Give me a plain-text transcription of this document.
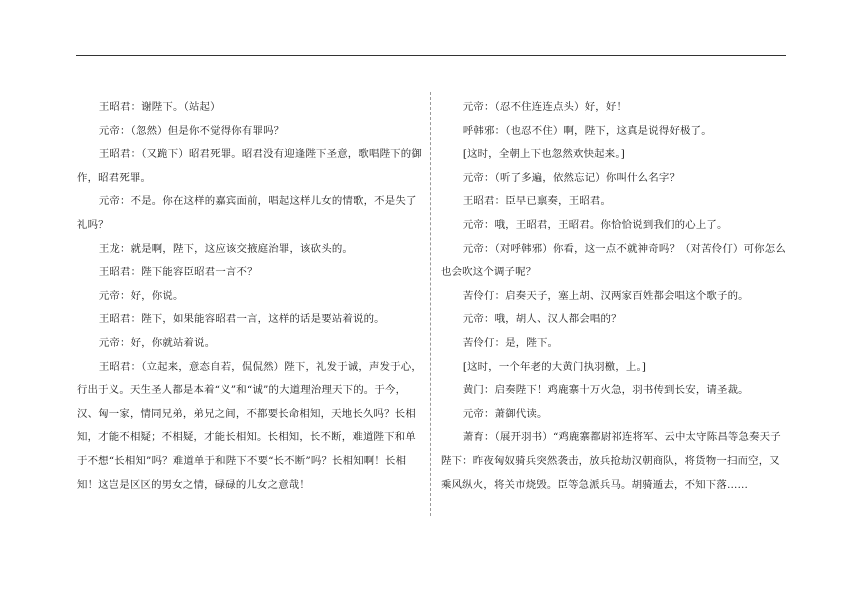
王昭君：谢陛下。（站起）

元帝：（忽然）但是你不觉得你有罪吗？

王昭君：（又跪下）昭君死罪。昭君没有迎逢陛下圣意，歌唱陛下的御作，昭君死罪。

元帝：不是。你在这样的嘉宾面前，唱起这样儿女的情歌，不是失了礼吗？

王龙：就是啊，陛下，这应该交掖庭治罪，该砍头的。

王昭君：陛下能容臣昭君一言不？

元帝：好，你说。

王昭君：陛下，如果能容昭君一言，这样的话是要站着说的。

元帝：好，你就站着说。

王昭君：（立起来，意态自若，侃侃然）陛下，礼发于诚，声发于心，行出于义。天生圣人都是本着“义”和“诚”的大道理治理天下的。于今，汉、匈一家，情同兄弟，弟兄之间，不都要长命相知，天地长久吗？长相知，才能不相疑；不相疑，才能长相知。长相知，长不断，难道陛下和单于不想“长相知”吗？难道单于和陛下不要“长不断”吗？长相知啊！长相知！这岂是区区的男女之情，碌碌的儿女之意哉！

元帝：（忍不住连连点头）好，好！

呼韩邪：（也忍不住）啊，陛下，这真是说得好极了。

[这时，全朝上下也忽然欢快起来。]

元帝：（听了多遍，依然忘记）你叫什么名字？

王昭君：臣早已禀奏，王昭君。

元帝：哦，王昭君，王昭君。你恰恰说到我们的心上了。

元帝：（对呼韩邪）你看，这一点不就神奇吗？（对苦伶仃）可你怎么也会吹这个调子呢？

苦伶仃：启奏天子，塞上胡、汉两家百姓都会唱这个歌子的。

元帝：哦，胡人、汉人都会唱的？

苦伶仃：是，陛下。

[这时，一个年老的大黄门执羽檄，上。]

黄门：启奏陛下！鸡鹿寨十万火急，羽书传到长安，请圣裁。

元帝：萧御代读。

萧育：（展开羽书）“鸡鹿寨都尉祁连将军、云中太守陈昌等急奏天子陛下：昨夜匈奴骑兵突然袭击，放兵抢劫汉朝商队，将货物一扫而空，又乘风纵火，将关市烧毁。臣等急派兵马。胡骑遁去，不知下落……
